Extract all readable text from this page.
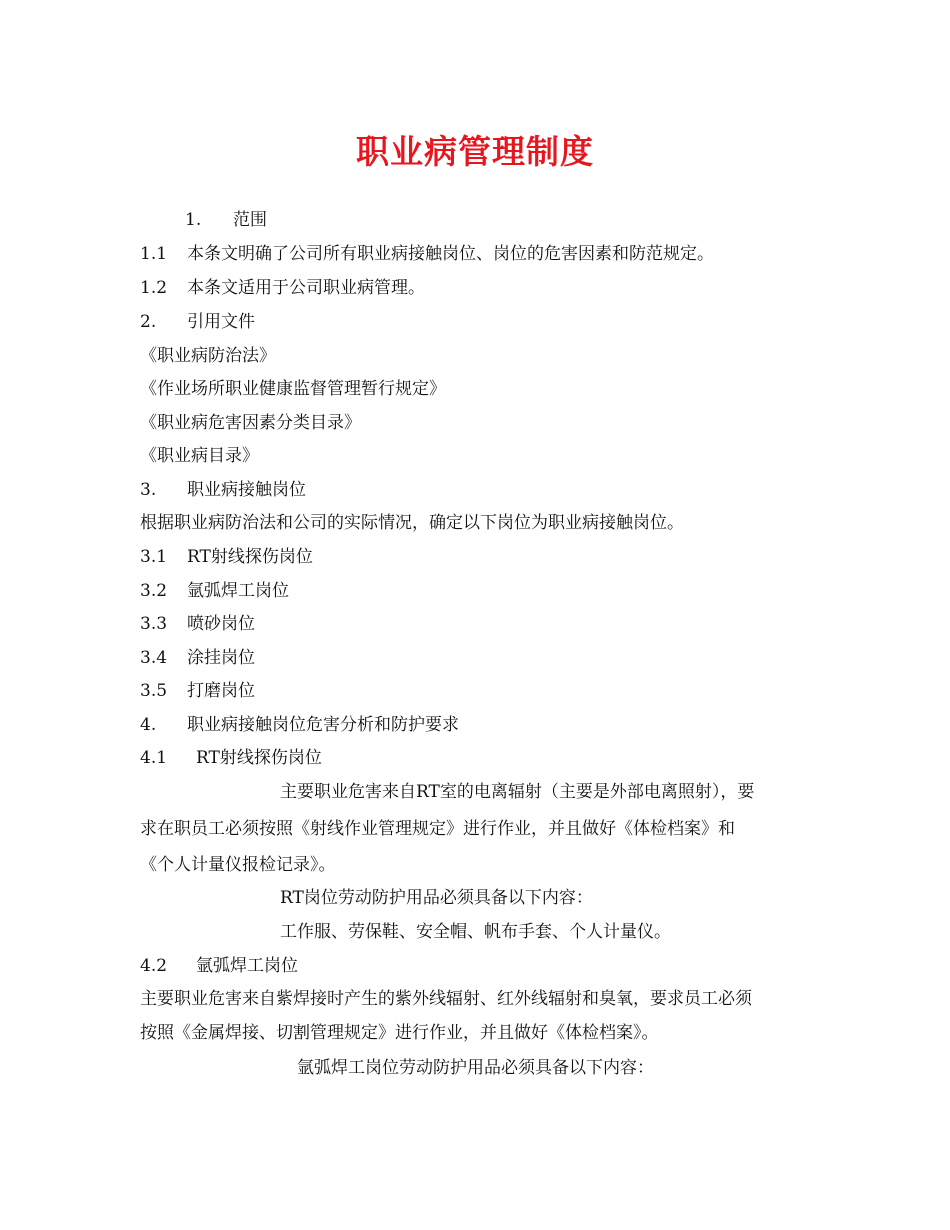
职业病管理制度
1. 范围
1.1 本条文明确了公司所有职业病接触岗位、岗位的危害因素和防范规定。
1.2 本条文适用于公司职业病管理。
2. 引用文件
《职业病防治法》
《作业场所职业健康监督管理暂行规定》
《职业病危害因素分类目录》
《职业病目录》
3. 职业病接触岗位
根据职业病防治法和公司的实际情况，确定以下岗位为职业病接触岗位。
3.1 RT射线探伤岗位
3.2 氩弧焊工岗位
3.3 喷砂岗位
3.4 涂挂岗位
3.5 打磨岗位
4. 职业病接触岗位危害分析和防护要求
4.1 RT射线探伤岗位
主要职业危害来自RT室的电离辐射（主要是外部电离照射），要
求在职员工必须按照《射线作业管理规定》进行作业，并且做好《体检档案》和
《个人计量仪报检记录》。
RT岗位劳动防护用品必须具备以下内容：
工作服、劳保鞋、安全帽、帆布手套、个人计量仪。
4.2 氩弧焊工岗位
主要职业危害来自紫焊接时产生的紫外线辐射、红外线辐射和臭氧，要求员工必须
按照《金属焊接、切割管理规定》进行作业，并且做好《体检档案》。
氩弧焊工岗位劳动防护用品必须具备以下内容：
